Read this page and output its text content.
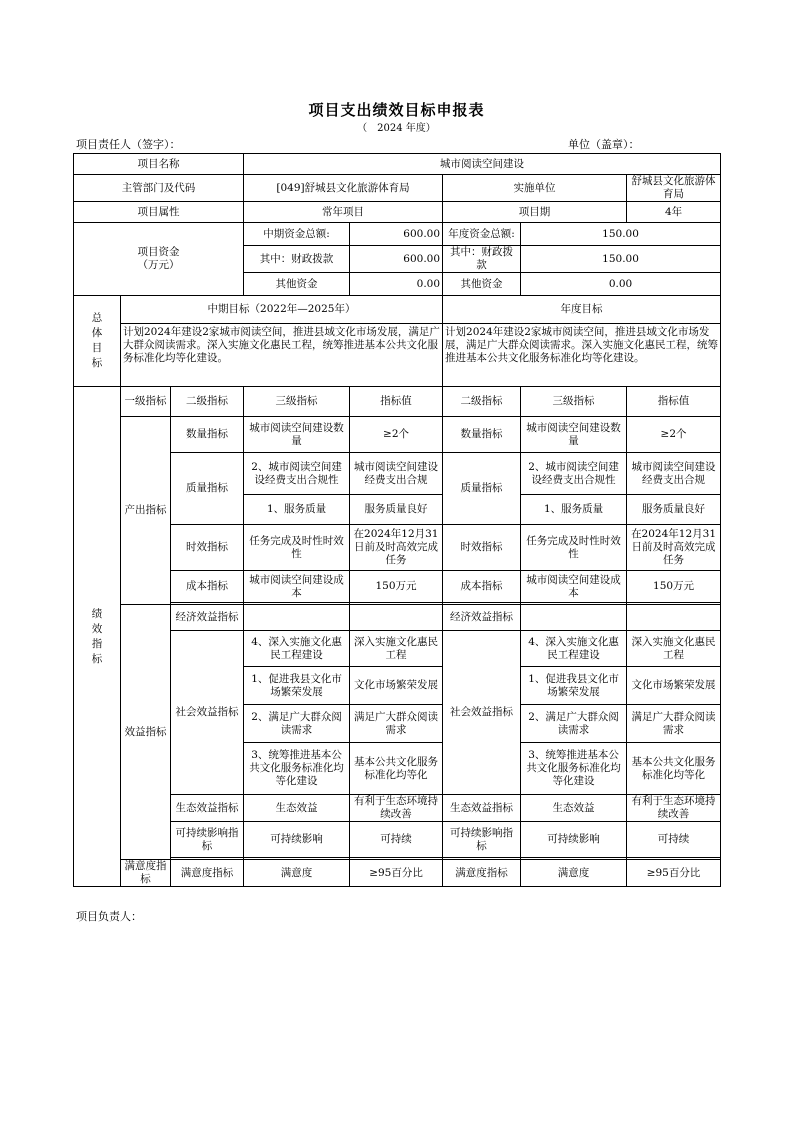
项目支出绩效目标申报表
（　2024 年度）
项目责任人（签字）：	单位（盖章）：
项目名称			城市阅读空间建设				
主管部门及代码			[049]舒城县文化旅游体育局		实施单位		舒城县文化旅游体育局
项目属性			常年项目		项目期		4年

项目资金
（万元）			中期资金总额:	600.00	年度资金总额:	150.00	
			其中：财政拨款	600.00	其中：财政拨款	150.00	
			其他资金	0.00	其他资金	0.00	
总体目标	中期目标（2022年—2025年）				年度目标		
	计划2024年建设2家城市阅读空间，推进县域文化市场发展，满足广大群众阅读需求。深入实施文化惠民工程，统筹推进基本公共文化服务标准化均等化建设。				计划2024年建设2家城市阅读空间，推进县域文化市场发展，满足广大群众阅读需求。深入实施文化惠民工程，统筹推进基本公共文化服务标准化均等化建设。		
绩效指标	一级指标	二级指标	三级指标	指标值	二级指标	三级指标	指标值
	产出指标	数量指标	城市阅读空间建设数量	≥2个	数量指标	城市阅读空间建设数量	≥2个
		质量指标	2、城市阅读空间建设经费支出合规性	城市阅读空间建设经费支出合规	质量指标	2、城市阅读空间建设经费支出合规性	城市阅读空间建设经费支出合规
			1、服务质量	服务质量良好		1、服务质量	服务质量良好
		时效指标	任务完成及时性时效性	在2024年12月31日前及时高效完成任务	时效指标	任务完成及时性时效性	在2024年12月31日前及时高效完成任务
		成本指标	城市阅读空间建设成本	150万元	成本指标	城市阅读空间建设成本	150万元

	效益指标	经济效益指标			经济效益指标		
		社会效益指标	4、深入实施文化惠民工程建设	深入实施文化惠民工程	社会效益指标	4、深入实施文化惠民工程建设	深入实施文化惠民工程
			1、促进我县文化市场繁荣发展	文化市场繁荣发展		1、促进我县文化市场繁荣发展	文化市场繁荣发展
			2、满足广大群众阅读需求	满足广大群众阅读需求		2、满足广大群众阅读需求	满足广大群众阅读需求
			3、统筹推进基本公共文化服务标准化均等化建设	基本公共文化服务标准化均等化		3、统筹推进基本公共文化服务标准化均等化建设	基本公共文化服务标准化均等化
		生态效益指标	生态效益	有利于生态环境持续改善	生态效益指标	生态效益	有利于生态环境持续改善
		可持续影响指标	可持续影响	可持续	可持续影响指标	可持续影响	可持续

	满意度指标	满意度指标	满意度	≥95百分比	满意度指标	满意度	≥95百分比
项目负责人：
